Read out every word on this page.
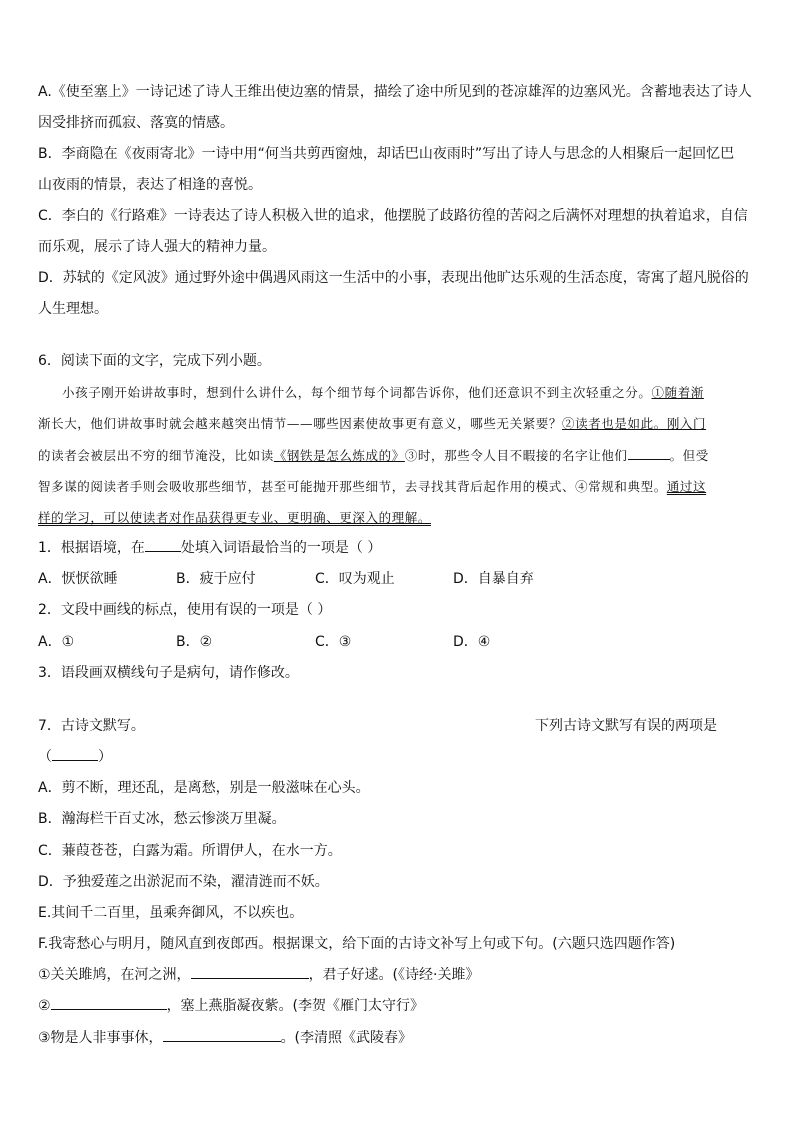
A.《使至塞上》一诗记述了诗人王维出使边塞的情景，描绘了途中所见到的苍凉雄浑的边塞风光。含蓄地表达了诗人
因受排挤而孤寂、落寞的情感。
B．李商隐在《夜雨寄北》一诗中用“何当共剪西窗烛，却话巴山夜雨时”写出了诗人与思念的人相聚后一起回忆巴
山夜雨的情景，表达了相逢的喜悦。
C．李白的《行路难》一诗表达了诗人积极入世的追求，他摆脱了歧路彷徨的苦闷之后满怀对理想的执着追求，自信
而乐观，展示了诗人强大的精神力量。
D．苏轼的《定风波》通过野外途中偶遇风雨这一生活中的小事，表现出他旷达乐观的生活态度，寄寓了超凡脱俗的
人生理想。
6．阅读下面的文字，完成下列小题。
小孩子刚开始讲故事时，想到什么讲什么，每个细节每个词都告诉你，他们还意识不到主次轻重之分。①随着渐
渐长大，他们讲故事时就会越来越突出情节——哪些因素使故事更有意义，哪些无关紧要？②读者也是如此。刚入门
的读者会被层出不穷的细节淹没，比如读《钢铁是怎么炼成的》③时，那些令人目不暇接的名字让他们	。但受
智多谋的阅读者手则会吸收那些细节，甚至可能抛开那些细节，去寻找其背后起作用的模式、④常规和典型。通过这
样的学习，可以使读者对作品获得更专业、更明确、更深入的理解。
1．根据语境，在	处填入词语最恰当的一项是（ ）
A．恹恹欲睡	B．疲于应付	C．叹为观止	D．自暴自弃
2．文段中画线的标点，使用有误的一项是（ ）
A．①	B．②	C．③	D．④
3．语段画双横线句子是病句，请作修改。
7．古诗文默写。	下列古诗文默写有误的两项是
（	）
A．剪不断，理还乱，是离愁，别是一般滋味在心头。
B．瀚海栏干百丈冰，愁云惨淡万里凝。
C．蒹葭苍苍，白露为霜。所谓伊人，在水一方。
D．予独爱莲之出淤泥而不染，濯清涟而不妖。
E.其间千二百里，虽乘奔御风，不以疾也。
F.我寄愁心与明月，随风直到夜郎西。根据课文，给下面的古诗文补写上句或下句。(六题只选四题作答)
①关关雎鸠，在河之洲，	，君子好逑。(《诗经·关雎》
②	，塞上燕脂凝夜紫。(李贺《雁门太守行》
③物是人非事事休，	。(李清照《武陵春》
